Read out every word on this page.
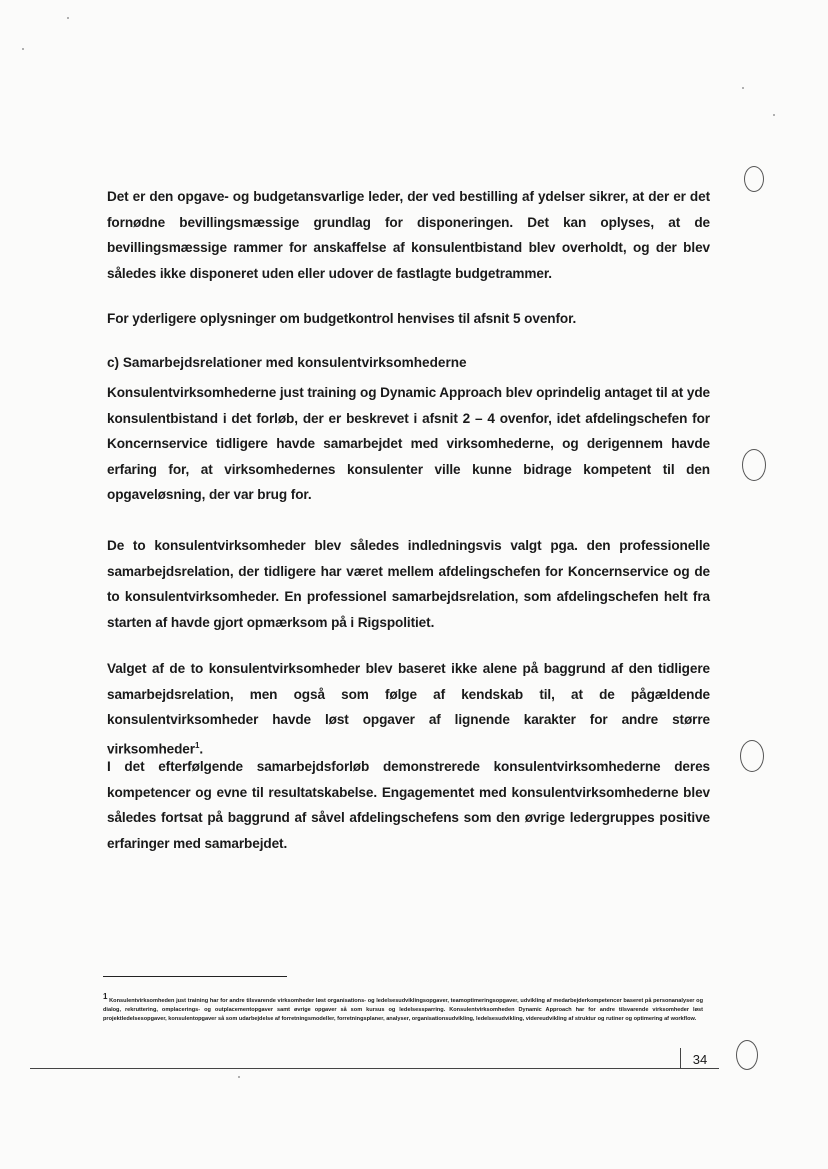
Det er den opgave- og budgetansvarlige leder, der ved bestilling af ydelser sikrer, at der er det fornødne bevillingsmæssige grundlag for disponeringen. Det kan oplyses, at de bevillingsmæssige rammer for anskaffelse af konsulentbistand blev overholdt, og der blev således ikke disponeret uden eller udover de fastlagte budgetrammer.

For yderligere oplysninger om budgetkontrol henvises til afsnit 5 ovenfor.

c) Samarbejdsrelationer med konsulentvirksomhederne

Konsulentvirksomhederne just training og Dynamic Approach blev oprindelig antaget til at yde konsulentbistand i det forløb, der er beskrevet i afsnit 2 – 4 ovenfor, idet afdelingschefen for Koncernservice tidligere havde samarbejdet med virksomhederne, og derigennem havde erfaring for, at virksomhedernes konsulenter ville kunne bidrage kompetent til den opgaveløsning, der var brug for.

De to konsulentvirksomheder blev således indledningsvis valgt pga. den professionelle samarbejdsrelation, der tidligere har været mellem afdelingschefen for Koncernservice og de to konsulentvirksomheder. En professionel samarbejdsrelation, som afdelingschefen helt fra starten af havde gjort opmærksom på i Rigspolitiet.

Valget af de to konsulentvirksomheder blev baseret ikke alene på baggrund af den tidligere samarbejdsrelation, men også som følge af kendskab til, at de pågældende konsulentvirksomheder havde løst opgaver af lignende karakter for andre større virksomheder$^1$.

I det efterfølgende samarbejdsforløb demonstrerede konsulentvirksomhederne deres kompetencer og evne til resultatskabelse. Engagementet med konsulentvirksomhederne blev således fortsat på baggrund af såvel afdelingschefens som den øvrige ledergruppes positive erfaringer med samarbejdet.

$^1$ Konsulentvirksomheden just training har for andre tilsvarende virksomheder løst organisations- og ledelsesudviklingsopgaver, teamoptimeringsopgaver, udvikling af medarbejderkompetencer baseret på personanalyser og dialog, rekruttering, omplacerings- og outplacementopgaver samt øvrige opgaver så som kursus og ledelsessparring. Konsulentvirksomheden Dynamic Approach har for andre tilsvarende virksomheder løst projektledelsesopgaver, konsulentopgaver så som udarbejdelse af forretningsmodeller, forretningsplaner, analyser, organisationsudvikling, ledelsesudvikling, videreudvikling af struktur og rutiner og optimering af workflow.

34
